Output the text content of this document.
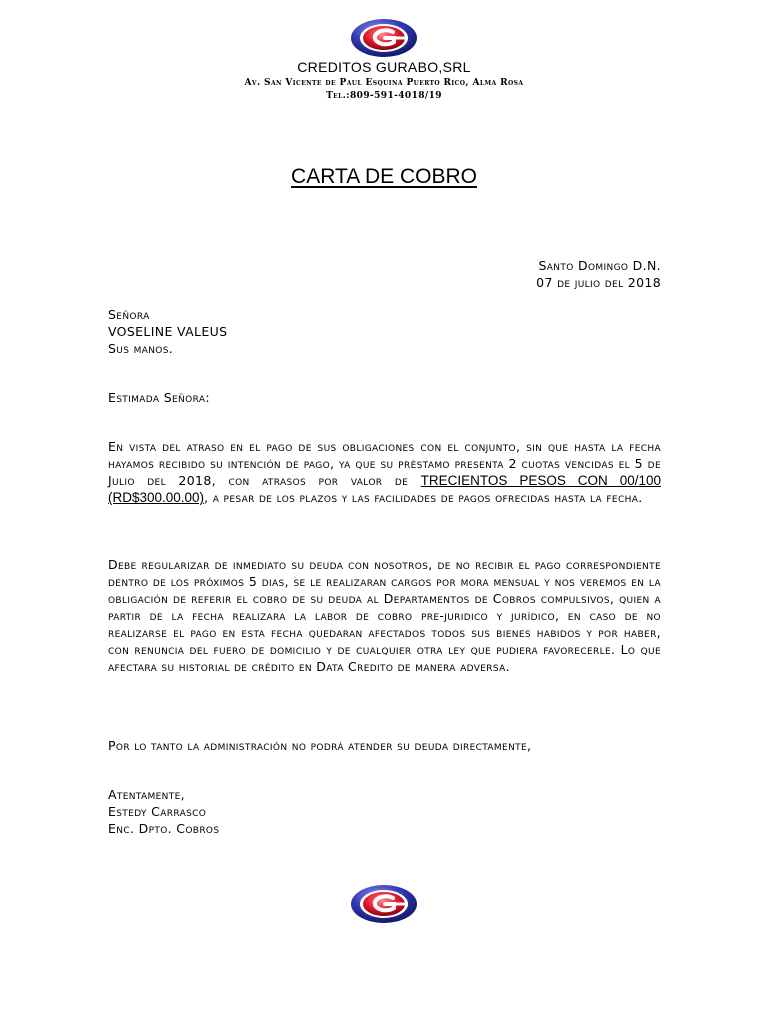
CREDITOS GURABO,SRL
Av. San Vicente de Paul Esquina Puerto Rico, Alma Rosa
Tel.:809-591-4018/19
CARTA DE COBRO
Santo Domingo D.N.
07 de julio del 2018
Señora
VOSELINE VALEUS
Sus manos.
Estimada Señora:
En vista del atraso en el pago de sus obligaciones con el conjunto, sin que hasta la fecha hayamos recibido su intención de pago, ya que su préstamo presenta 2 cuotas vencidas el 5 de Julio del 2018, con atrasos por valor de TRECIENTOS PESOS CON 00/100 (RD$300.00.00), a pesar de los plazos y las facilidades de pagos ofrecidas hasta la fecha.
Debe regularizar de inmediato su deuda con nosotros, de no recibir el pago correspondiente dentro de los próximos 5 dias, se le realizaran cargos por mora mensual y nos veremos en la obligación de referir el cobro de su deuda al Departamentos de Cobros compulsivos, quien a partir de la fecha realizara la labor de cobro pre-juridico y jurídico, en caso de no realizarse el pago en esta fecha quedaran afectados todos sus bienes habidos y por haber, con renuncia del fuero de domicilio y de cualquier otra ley que pudiera favorecerle. Lo que afectara su historial de crédito en Data Credito de manera adversa.
Por lo tanto la administración no podrá atender su deuda directamente,
Atentamente,
Estedy Carrasco
Enc. Dpto. Cobros
